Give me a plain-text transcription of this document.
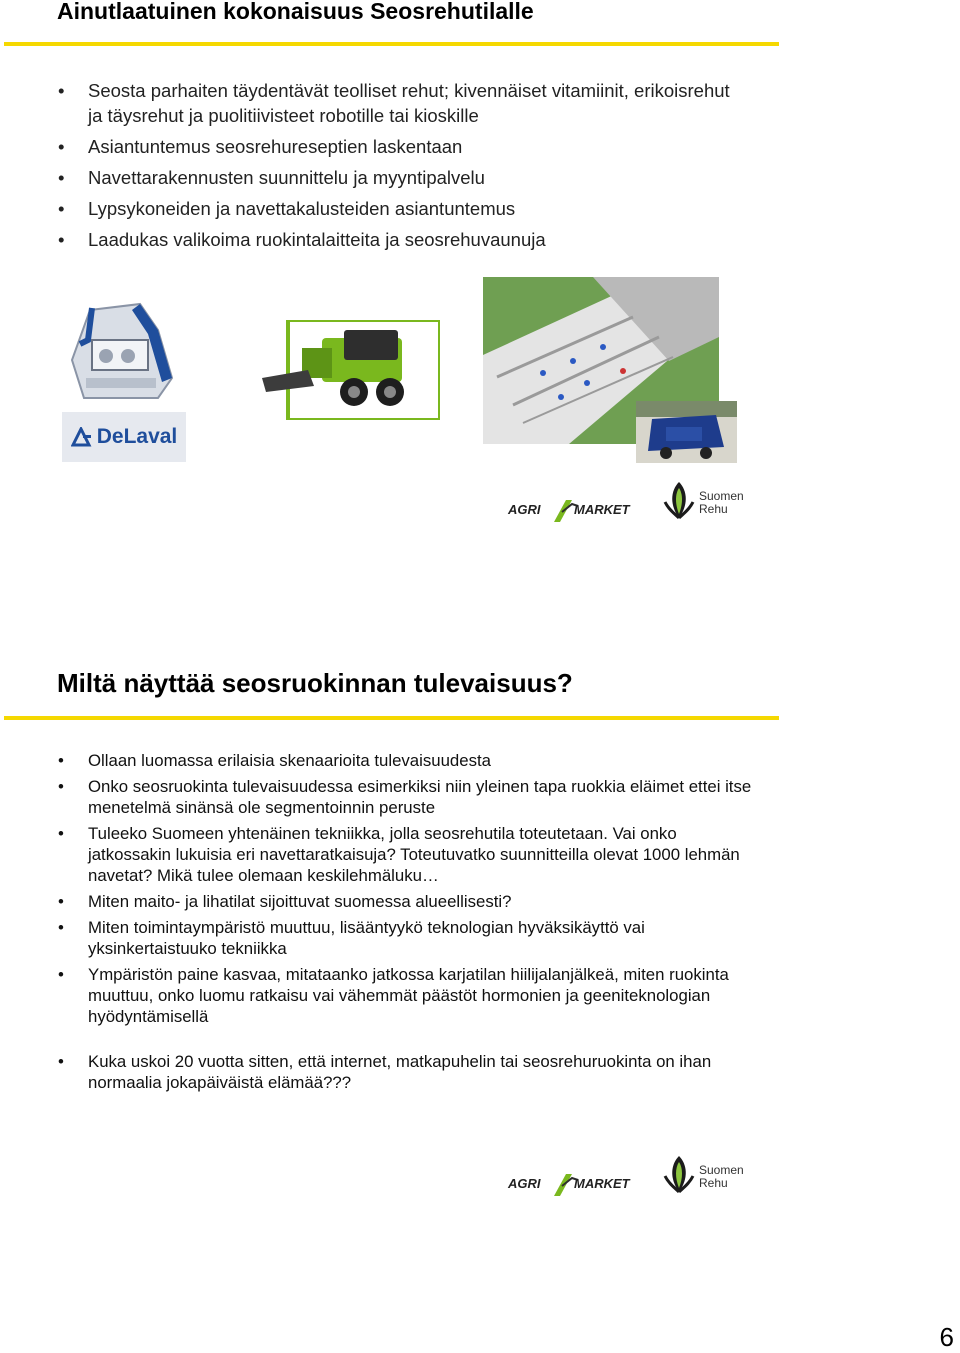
Ainutlaatuinen kokonaisuus Seosrehutilalle
• Seosta parhaiten täydentävät teolliset rehut; kivennäiset vitamiinit, erikoisrehut ja täysrehut ja puolitiivisteet robotille tai kioskille
• Asiantuntemus seosrehureseptien laskentaan
• Navettarakennusten suunnittelu ja myyntipalvelu
• Lypsykoneiden ja navettakalusteiden asiantuntemus
• Laadukas valikoima ruokintalaitteita ja seosrehuvaunuja
DeLaval
AGRI	MARKET
Suomen
Rehu
Miltä näyttää seosruokinnan tulevaisuus?
• Ollaan luomassa erilaisia skenaarioita tulevaisuudesta
• Onko seosruokinta tulevaisuudessa esimerkiksi niin yleinen tapa ruokkia eläimet ettei itse menetelmä sinänsä ole segmentoinnin peruste
• Tuleeko Suomeen yhtenäinen tekniikka, jolla seosrehutila toteutetaan. Vai onko jatkossakin lukuisia eri navettaratkaisuja? Toteutuvatko suunnitteilla olevat 1000 lehmän navetat? Mikä tulee olemaan keskilehmäluku…
• Miten maito- ja lihatilat sijoittuvat suomessa alueellisesti?
• Miten toimintaympäristö muuttuu, lisääntyykö teknologian hyväksikäyttö vai yksinkertaistuuko tekniikka
• Ympäristön paine kasvaa, mitataanko jatkossa karjatilan hiilijalanjälkeä, miten ruokinta muuttuu, onko luomu ratkaisu vai vähemmät päästöt hormonien ja geeniteknologian hyödyntämisellä
• Kuka uskoi 20 vuotta sitten, että internet, matkapuhelin tai seosrehuruokinta on ihan normaalia jokapäiväistä elämää???
AGRI	MARKET
Suomen
Rehu
6
